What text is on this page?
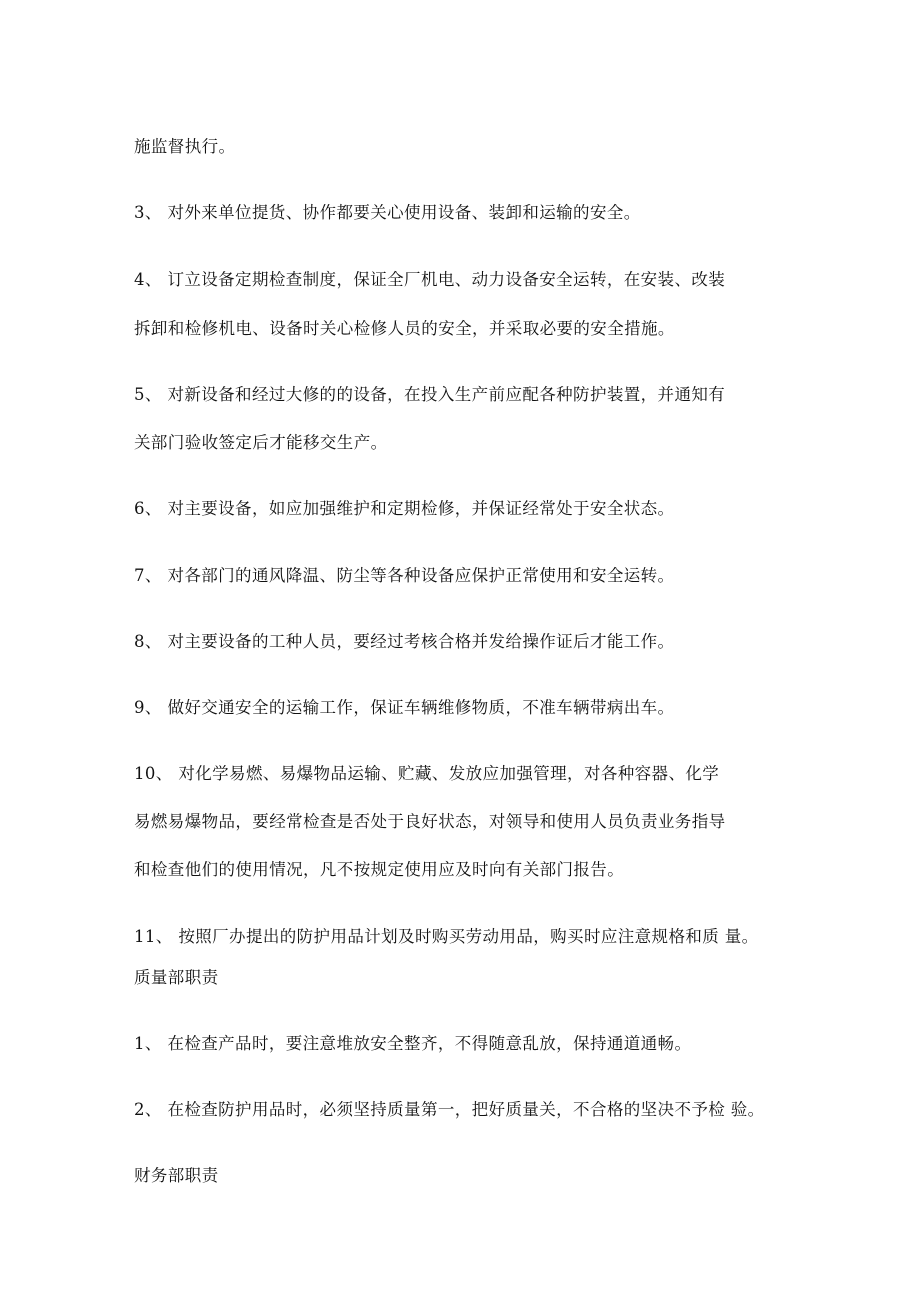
施监督执行。
3、 对外来单位提货、协作都要关心使用设备、装卸和运输的安全。
4、 订立设备定期检查制度，保证全厂机电、动力设备安全运转，在安装、改装
拆卸和检修机电、设备时关心检修人员的安全，并采取必要的安全措施。
5、 对新设备和经过大修的的设备，在投入生产前应配各种防护装置，并通知有
关部门验收签定后才能移交生产。
6、 对主要设备，如应加强维护和定期检修，并保证经常处于安全状态。
7、 对各部门的通风降温、防尘等各种设备应保护正常使用和安全运转。
8、 对主要设备的工种人员，要经过考核合格并发给操作证后才能工作。
9、 做好交通安全的运输工作，保证车辆维修物质，不准车辆带病出车。
10、 对化学易燃、易爆物品运输、贮藏、发放应加强管理，对各种容器、化学
易燃易爆物品，要经常检查是否处于良好状态，对领导和使用人员负责业务指导
和检查他们的使用情况，凡不按规定使用应及时向有关部门报告。
11、 按照厂办提出的防护用品计划及时购买劳动用品，购买时应注意规格和质 量。
质量部职责
1、 在检查产品时，要注意堆放安全整齐，不得随意乱放，保持通道通畅。
2、 在检查防护用品时，必须坚持质量第一，把好质量关，不合格的坚决不予检 验。
财务部职责
